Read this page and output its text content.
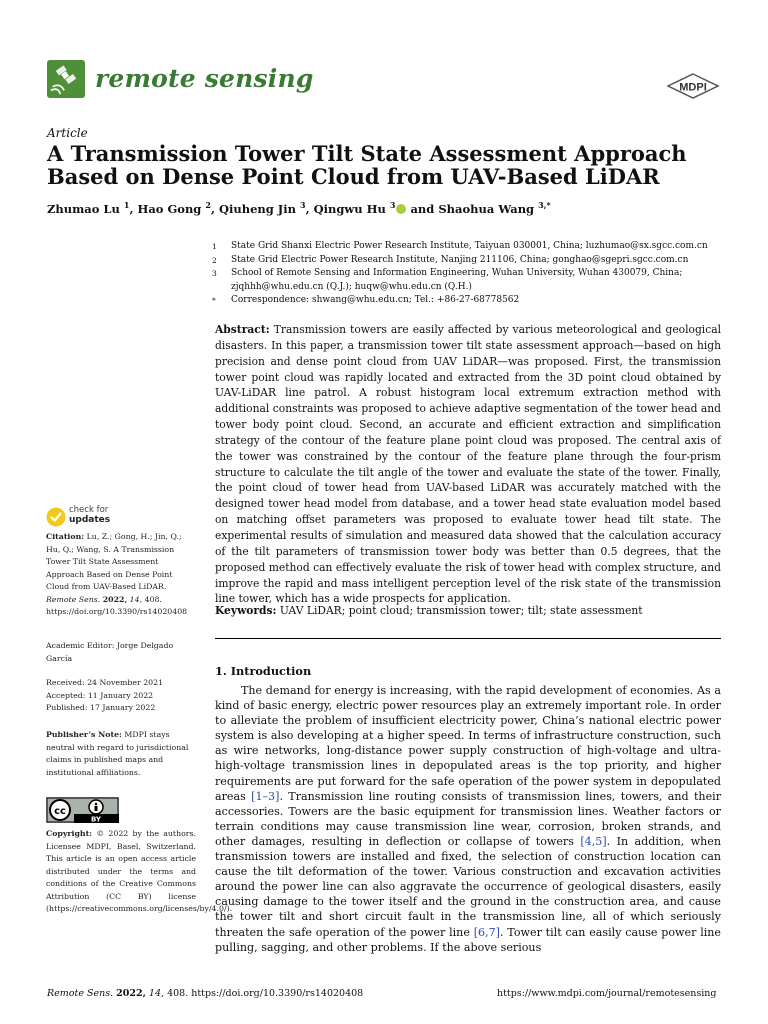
remote sensing	MDPI
Article
A Transmission Tower Tilt State Assessment Approach Based on Dense Point Cloud from UAV-Based LiDAR
Zhumao Lu $^1$, Hao Gong $^2$, Qiuheng Jin $^3$, Qingwu Hu $^3$ and Shaohua Wang $^{3,*}$
1	State Grid Shanxi Electric Power Research Institute, Taiyuan 030001, China; luzhumao@sx.sgcc.com.cn
2	State Grid Electric Power Research Institute, Nanjing 211106, China; gonghao@sgepri.sgcc.com.cn
3	School of Remote Sensing and Information Engineering, Wuhan University, Wuhan 430079, China; zjqhhh@whu.edu.cn (Q.J.); huqw@whu.edu.cn (Q.H.)
*	Correspondence: shwang@whu.edu.cn; Tel.: +86-27-68778562
Abstract: Transmission towers are easily affected by various meteorological and geological disasters. In this paper, a transmission tower tilt state assessment approach—based on high precision and dense point cloud from UAV LiDAR—was proposed. First, the transmission tower point cloud was rapidly located and extracted from the 3D point cloud obtained by UAV-LiDAR line patrol. A robust histogram local extremum extraction method with additional constraints was proposed to achieve adaptive segmentation of the tower head and tower body point cloud. Second, an accurate and efficient extraction and simplification strategy of the contour of the feature plane point cloud was proposed. The central axis of the tower was constrained by the contour of the feature plane through the four-prism structure to calculate the tilt angle of the tower and evaluate the state of the tower. Finally, the point cloud of tower head from UAV-based LiDAR was accurately matched with the designed tower head model from database, and a tower head state evaluation model based on matching offset parameters was proposed to evaluate tower head tilt state. The experimental results of simulation and measured data showed that the calculation accuracy of the tilt parameters of transmission tower body was better than 0.5 degrees, that the proposed method can effectively evaluate the risk of tower head with complex structure, and improve the rapid and mass intelligent perception level of the risk state of the transmission line tower, which has a wide prospects for application.
Keywords: UAV LiDAR; point cloud; transmission tower; tilt; state assessment
1. Introduction
The demand for energy is increasing, with the rapid development of economies. As a kind of basic energy, electric power resources play an extremely important role. In order to alleviate the problem of insufficient electricity power, China’s national electric power system is also developing at a higher speed. In terms of infrastructure construction, such as wire networks, long-distance power supply construction of high-voltage and ultra-high-voltage transmission lines in depopulated areas is the top priority, and higher requirements are put forward for the safe operation of the power system in depopulated areas [1–3]. Transmission line routing consists of transmission lines, towers, and their accessories. Towers are the basic equipment for transmission lines. Weather factors or terrain conditions may cause transmission line wear, corrosion, broken strands, and other damages, resulting in deflection or collapse of towers [4,5]. In addition, when transmission towers are installed and fixed, the selection of construction location can cause the tilt deformation of the tower. Various construction and excavation activities around the power line can also aggravate the occurrence of geological disasters, easily causing damage to the tower itself and the ground in the construction area, and cause the tower tilt and short circuit fault in the transmission line, all of which seriously threaten the safe operation of the power line [6,7]. Tower tilt can easily cause power line pulling, sagging, and other problems. If the above serious
check for
updates
Citation: Lu, Z.; Gong, H.; Jin, Q.; Hu, Q.; Wang, S. A Transmission Tower Tilt State Assessment Approach Based on Dense Point Cloud from UAV-Based LiDAR. Remote Sens. 2022, 14, 408. https://doi.org/10.3390/rs14020408
Academic Editor: Jorge Delgado García
Received: 24 November 2021
Accepted: 11 January 2022
Published: 17 January 2022
Publisher’s Note: MDPI stays neutral with regard to jurisdictional claims in published maps and institutional affiliations.
cc
BY
Copyright: © 2022 by the authors. Licensee MDPI, Basel, Switzerland. This article is an open access article distributed under the terms and conditions of the Creative Commons Attribution (CC BY) license (https://creativecommons.org/licenses/by/4.0/).
Remote Sens. 2022, 14, 408. https://doi.org/10.3390/rs14020408	https://www.mdpi.com/journal/remotesensing
